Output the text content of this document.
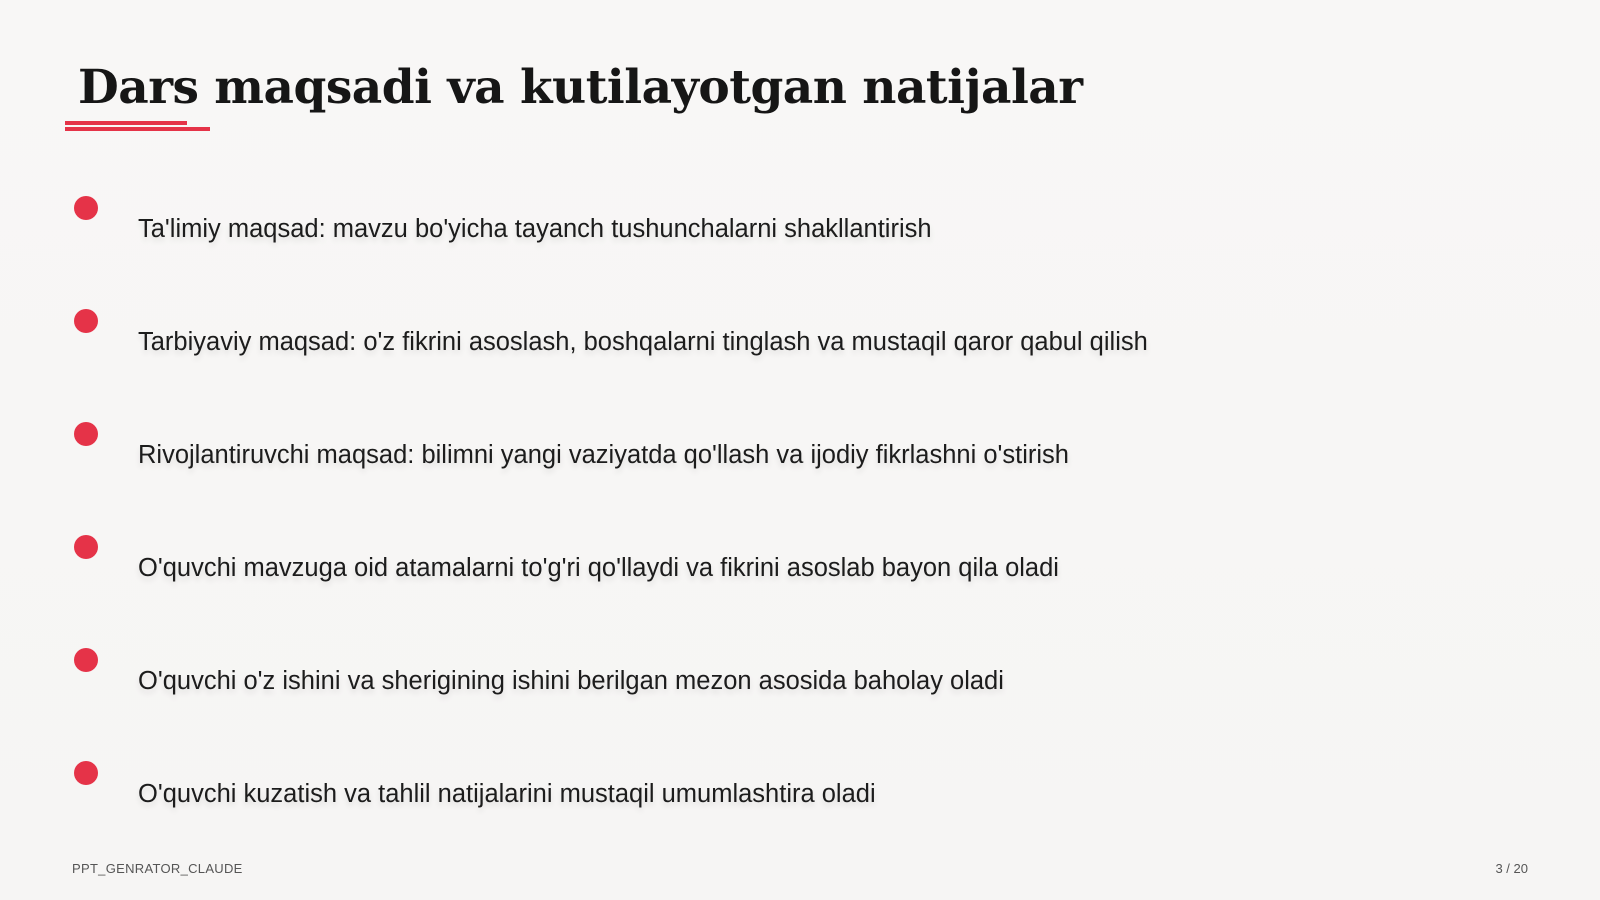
Dars maqsadi va kutilayotgan natijalar
Ta'limiy maqsad: mavzu bo'yicha tayanch tushunchalarni shakllantirish
Tarbiyaviy maqsad: o'z fikrini asoslash, boshqalarni tinglash va mustaqil qaror qabul qilish
Rivojlantiruvchi maqsad: bilimni yangi vaziyatda qo'llash va ijodiy fikrlashni o'stirish
O'quvchi mavzuga oid atamalarni to'g'ri qo'llaydi va fikrini asoslab bayon qila oladi
O'quvchi o'z ishini va sherigining ishini berilgan mezon asosida baholay oladi
O'quvchi kuzatish va tahlil natijalarini mustaqil umumlashtira oladi
PPT_GENRATOR_CLAUDE	3 / 20
